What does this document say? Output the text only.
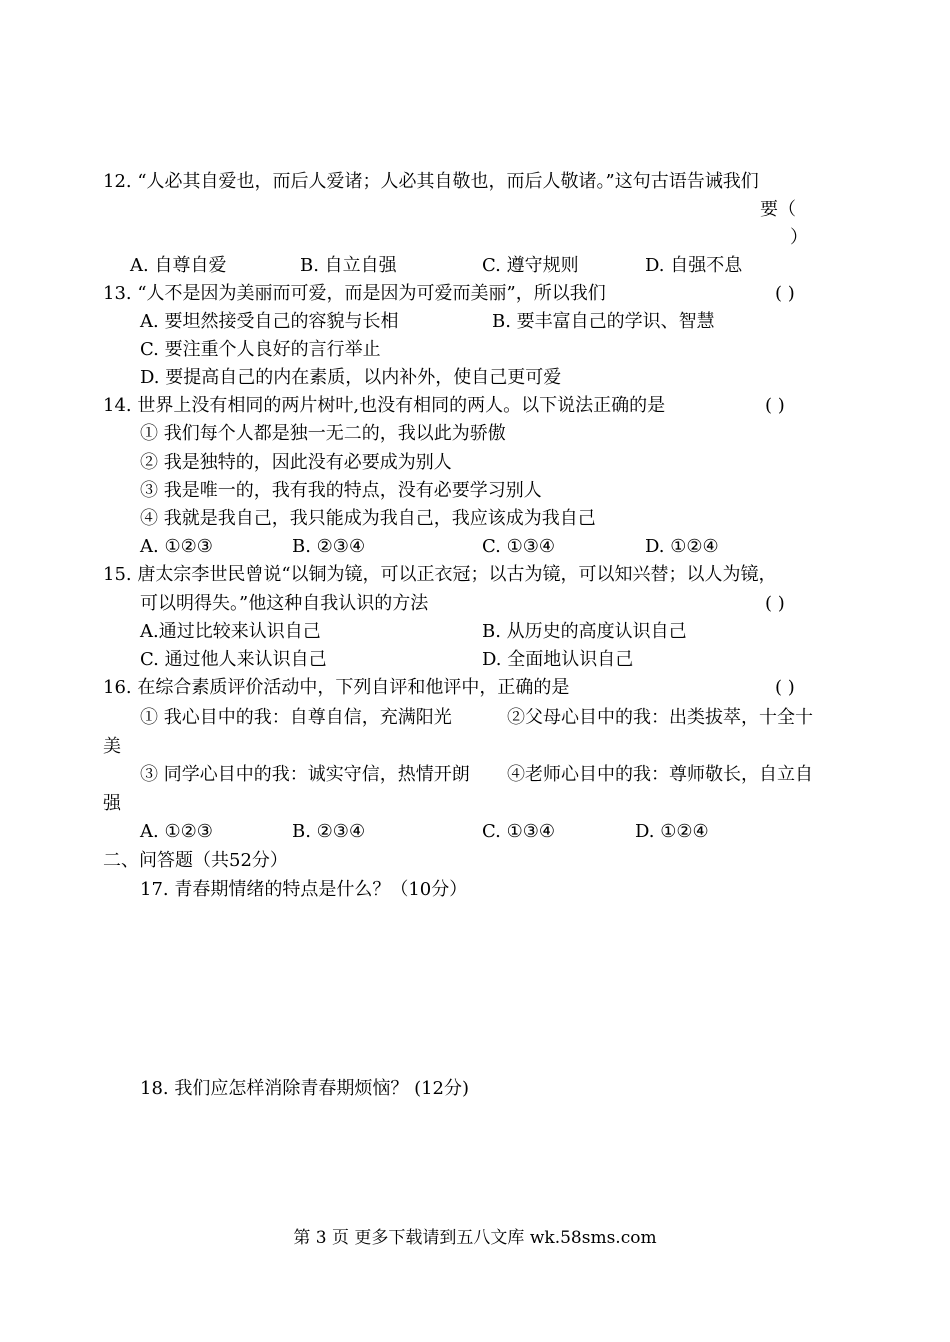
12. “人必其自爱也，而后人爱诸；人必其自敬也，而后人敬诸。”这句古语告诫我们
要（
）
A. 自尊自爱	B. 自立自强	C. 遵守规则	D. 自强不息
13. “人不是因为美丽而可爱，而是因为可爱而美丽”，所以我们	( )
A. 要坦然接受自己的容貌与长相	B. 要丰富自己的学识、智慧
C. 要注重个人良好的言行举止
D. 要提高自己的内在素质，以内补外，使自己更可爱
14. 世界上没有相同的两片树叶,也没有相同的两人。以下说法正确的是	( )
① 我们每个人都是独一无二的，我以此为骄傲
② 我是独特的，因此没有必要成为别人
③ 我是唯一的，我有我的特点，没有必要学习别人
④ 我就是我自己，我只能成为我自己，我应该成为我自己
A. ①②③	B. ②③④	C. ①③④	D. ①②④
15. 唐太宗李世民曾说“以铜为镜，可以正衣冠；以古为镜，可以知兴替；以人为镜，
可以明得失。”他这种自我认识的方法	( )
A.通过比较来认识自己	B. 从历史的高度认识自己
C. 通过他人来认识自己	D. 全面地认识自己
16. 在综合素质评价活动中，下列自评和他评中，正确的是	( )
① 我心目中的我：自尊自信，充满阳光	②父母心目中的我：出类拔萃，十全十
美
③ 同学心目中的我：诚实守信，热情开朗 ④老师心目中的我：尊师敬长，自立自
强
A. ①②③	B. ②③④	C. ①③④	D. ①②④
二、问答题（共52分）
17. 青春期情绪的特点是什么？（10分）
18. 我们应怎样消除青春期烦恼？ (12分)
第 3 页 更多下载请到五八文库 wk.58sms.com
